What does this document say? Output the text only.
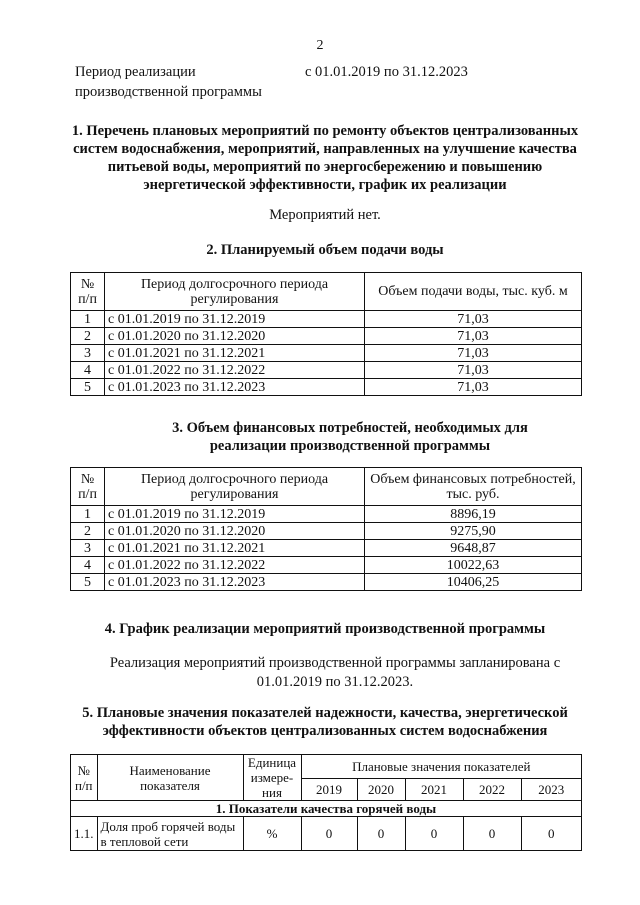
2
Период реализации производственной программы
с 01.01.2019 по 31.12.2023
1. Перечень плановых мероприятий по ремонту объектов централизованных систем водоснабжения, мероприятий, направленных на улучшение качества питьевой воды, мероприятий по энергосбережению и повышению энергетической эффективности, график их реализации
Мероприятий нет.
2. Планируемый объем подачи воды
№ п/п	Период долгосрочного периода регулирования	Объем подачи воды, тыс. куб. м
1	с 01.01.2019 по 31.12.2019	71,03
2	с 01.01.2020 по 31.12.2020	71,03
3	с 01.01.2021 по 31.12.2021	71,03
4	с 01.01.2022 по 31.12.2022	71,03
5	с 01.01.2023 по 31.12.2023	71,03
3. Объем финансовых потребностей, необходимых для реализации производственной программы
№ п/п	Период долгосрочного периода регулирования	Объем финансовых потребностей, тыс. руб.
1	с 01.01.2019 по 31.12.2019	8896,19
2	с 01.01.2020 по 31.12.2020	9275,90
3	с 01.01.2021 по 31.12.2021	9648,87
4	с 01.01.2022 по 31.12.2022	10022,63
5	с 01.01.2023 по 31.12.2023	10406,25
4. График реализации мероприятий производственной программы
Реализация мероприятий производственной программы запланирована с 01.01.2019 по 31.12.2023.
5. Плановые значения показателей надежности, качества, энергетической эффективности объектов централизованных систем водоснабжения
№ п/п	Наименование показателя	Единица измере- ния	Плановые значения показателей				
			2019	2020	2021	2022	2023
1. Показатели качества горячей воды							
1.1.	Доля проб горячей воды в тепловой сети	%	0	0	0	0	0
